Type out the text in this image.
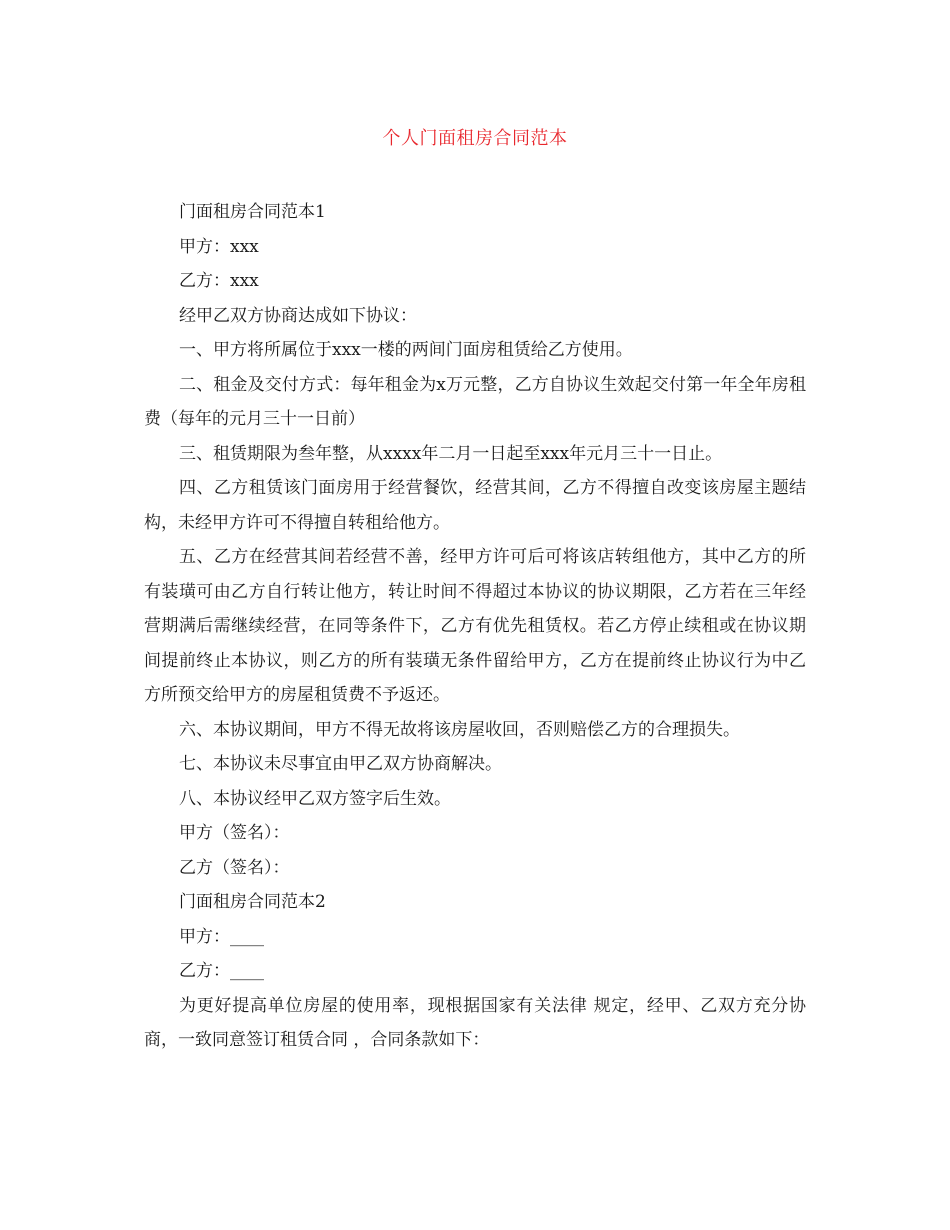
个人门面租房合同范本

门面租房合同范本1

甲方：xxx

乙方：xxx

经甲乙双方协商达成如下协议：

一、甲方将所属位于xxx一楼的两间门面房租赁给乙方使用。

二、租金及交付方式：每年租金为x万元整，乙方自协议生效起交付第一年全年房租费（每年的元月三十一日前）

三、租赁期限为叁年整，从xxxx年二月一日起至xxx年元月三十一日止。

四、乙方租赁该门面房用于经营餐饮，经营其间，乙方不得擅自改变该房屋主题结构，未经甲方许可不得擅自转租给他方。

五、乙方在经营其间若经营不善，经甲方许可后可将该店转组他方，其中乙方的所有装璜可由乙方自行转让他方，转让时间不得超过本协议的协议期限，乙方若在三年经营期满后需继续经营，在同等条件下，乙方有优先租赁权。若乙方停止续租或在协议期间提前终止本协议，则乙方的所有装璜无条件留给甲方，乙方在提前终止协议行为中乙方所预交给甲方的房屋租赁费不予返还。

六、本协议期间，甲方不得无故将该房屋收回，否则赔偿乙方的合理损失。

七、本协议未尽事宜由甲乙双方协商解决。

八、本协议经甲乙双方签字后生效。

甲方（签名）：

乙方（签名）：

门面租房合同范本2

甲方：____

乙方：____

为更好提高单位房屋的使用率，现根据国家有关法律 规定，经甲、乙双方充分协商，一致同意签订租赁合同 ，合同条款如下：
